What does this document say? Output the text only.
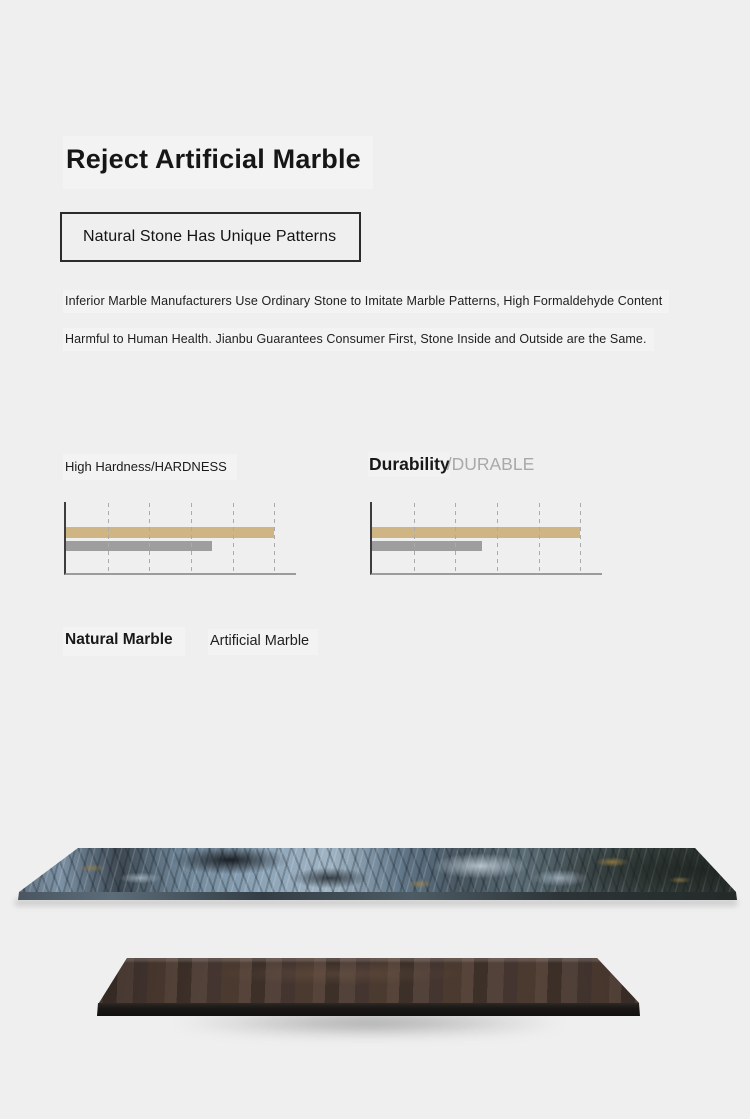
Reject Artificial Marble
Natural Stone Has Unique Patterns

Inferior Marble Manufacturers Use Ordinary Stone to Imitate Marble Patterns, High Formaldehyde Content

Harmful to Human Health. Jianbu Guarantees Consumer First, Stone Inside and Outside are the Same.

High Hardness/HARDNESS	Durability/DURABLE
Natural Marble	Artificial Marble
